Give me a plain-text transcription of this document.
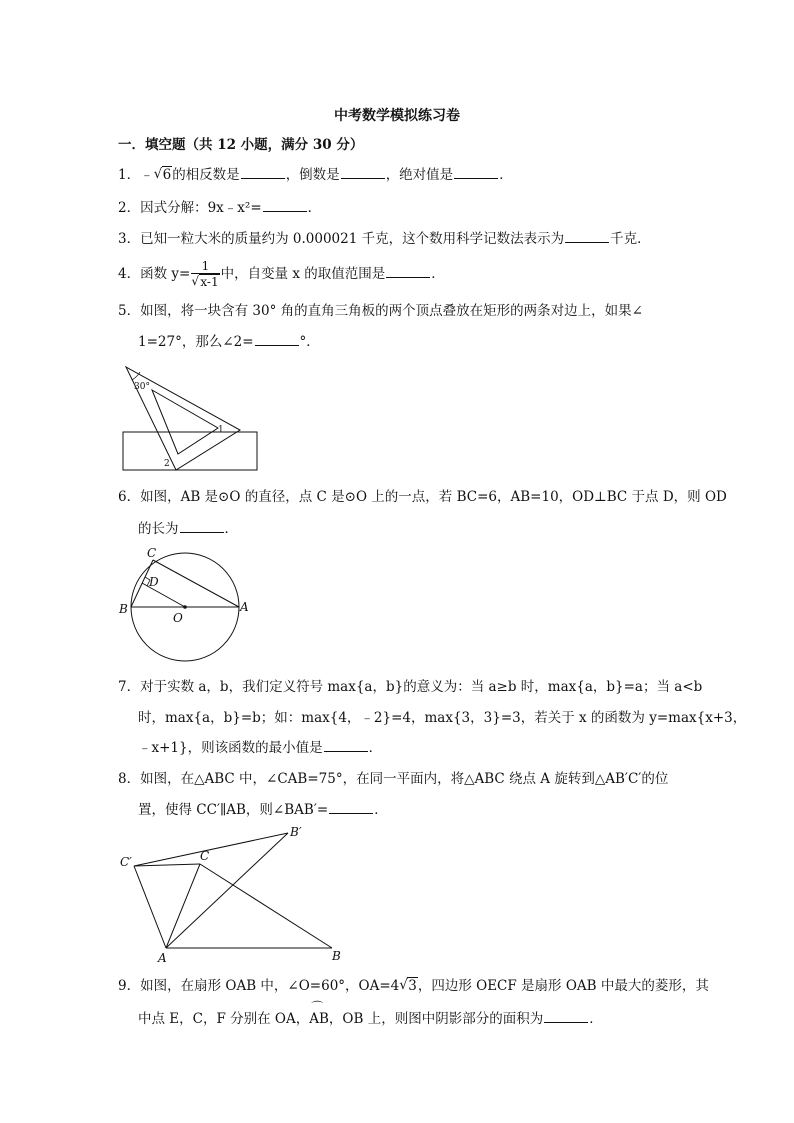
中考数学模拟练习卷
一．填空题（共 12 小题，满分 30 分）
1．﹣ √ 6的相反数是	，倒数是	，绝对值是	．
2．因式分解：9x﹣x²=	．
3．已知一粒大米的质量约为 0.000021 千克，这个数用科学记数法表示为	千克．
4．函数 y= 1
√ x-1 中，自变量 x 的取值范围是	．
5．如图，将一块含有 30° 角的直角三角板的两个顶点叠放在矩形的两条对边上，如果∠
1=27°，那么∠2=	°．
30°
1
2
6．如图，AB 是⊙O 的直径，点 C 是⊙O 上的一点，若 BC=6，AB=10，OD⊥BC 于点 D，则 OD
的长为	．
C
D
B	A
O
7．对于实数 a，b，我们定义符号 max{a，b}的意义为：当 a≥b 时，max{a，b}=a；当 a<b
时，max{a，b}=b；如：max{4，﹣2}=4，max{3，3}=3，若关于 x 的函数为 y=max{x+3，
﹣x+1}，则该函数的最小值是	．
8．如图，在△ABC 中，∠CAB=75°，在同一平面内，将△ABC 绕点 A 旋转到△AB′C′的位
置，使得 CC′∥AB，则∠BAB′=	．
B′
C′	C
A	B
9．如图，在扇形 OAB 中，∠O=60°，OA=4 √ 3，四边形 OECF 是扇形 OAB 中最大的菱形，其
中点 E，C，F 分别在 OA，⌒ AB，OB 上，则图中阴影部分的面积为	．
